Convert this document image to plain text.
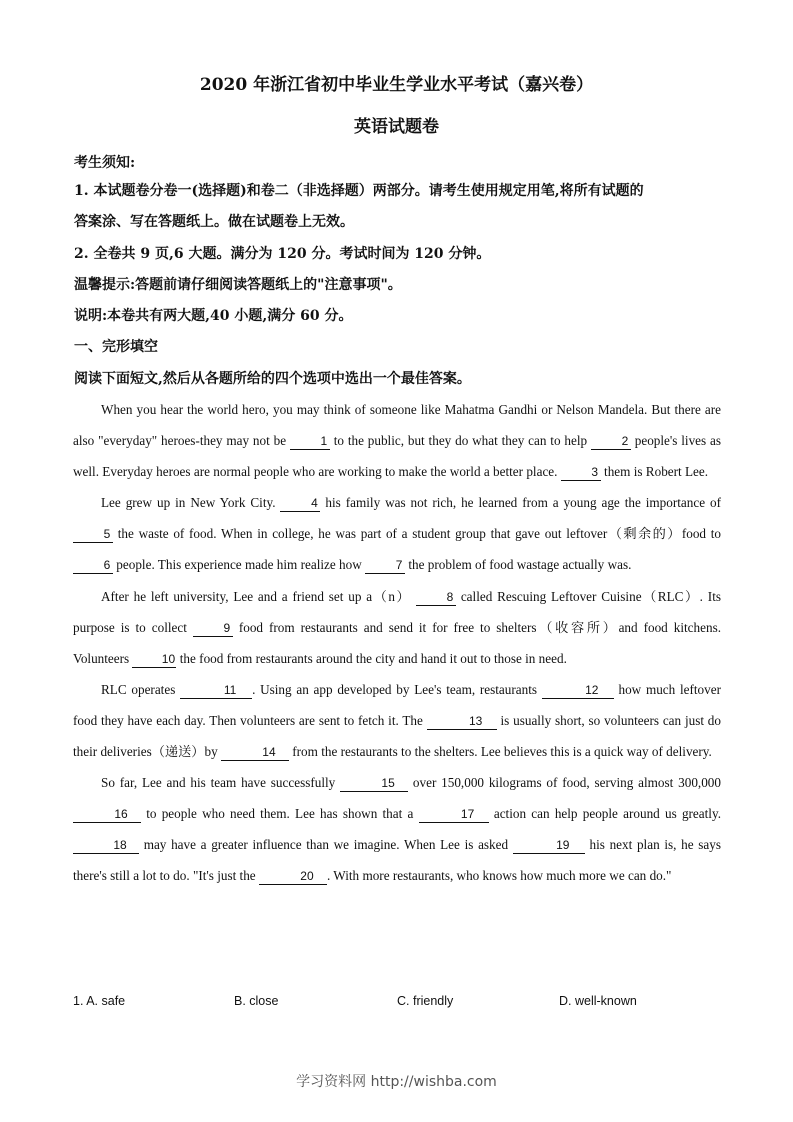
2020 年浙江省初中毕业生学业水平考试（嘉兴卷）
英语试题卷
考生须知:
1. 本试题卷分卷一(选择题)和卷二（非选择题）两部分。请考生使用规定用笔,将所有试题的
答案涂、写在答题纸上。做在试题卷上无效。
2. 全卷共 9 页,6 大题。满分为 120 分。考试时间为 120 分钟。
温馨提示:答题前请仔细阅读答题纸上的"注意事项"。
说明:本卷共有两大题,40 小题,满分 60 分。
一、完形填空
阅读下面短文,然后从各题所给的四个选项中选出一个最佳答案。

When you hear the world hero, you may think of someone like Mahatma Gandhi or Nelson Mandela. But there are also "everyday" heroes-they may not be	1 to the public, but they do what they can to help	2 people's lives as well. Everyday heroes are normal people who are working to make the world a better place.	3 them is Robert Lee.

Lee grew up in New York City.	4 his family was not rich, he learned from a young age the importance of 5 the waste of food. When in college, he was part of a student group that gave out leftover（剩余的）food to 6 people. This experience made him realize how	7 the problem of food wastage actually was.

After he left university, Lee and a friend set up a（n）	8 called Rescuing Leftover Cuisine（RLC）. Its purpose is to collect	9 food from restaurants and send it for free to shelters（收容所）and food kitchens. Volunteers 10 the food from restaurants around the city and hand it out to those in need.

RLC operates	11 . Using an app developed by Lee's team, restaurants	12 how much leftover food they have each day. Then volunteers are sent to fetch it. The	13 is usually short, so volunteers can just do their deliveries（递送）by	14 from the restaurants to the shelters. Lee believes this is a quick way of delivery.

So far, Lee and his team have successfully	15 over 150,000 kilograms of food, serving almost 300,000 16 to people who need them. Lee has shown that a	17 action can help people around us greatly. 18 may have a greater influence than we imagine. When Lee is asked	19 his next plan is, he says there's still a lot to do. "It's just the	20 . With more restaurants, who knows how much more we can do."

1. A. safe	B. close	C. friendly	D. well-known
学习资料网 http://wishba.com
